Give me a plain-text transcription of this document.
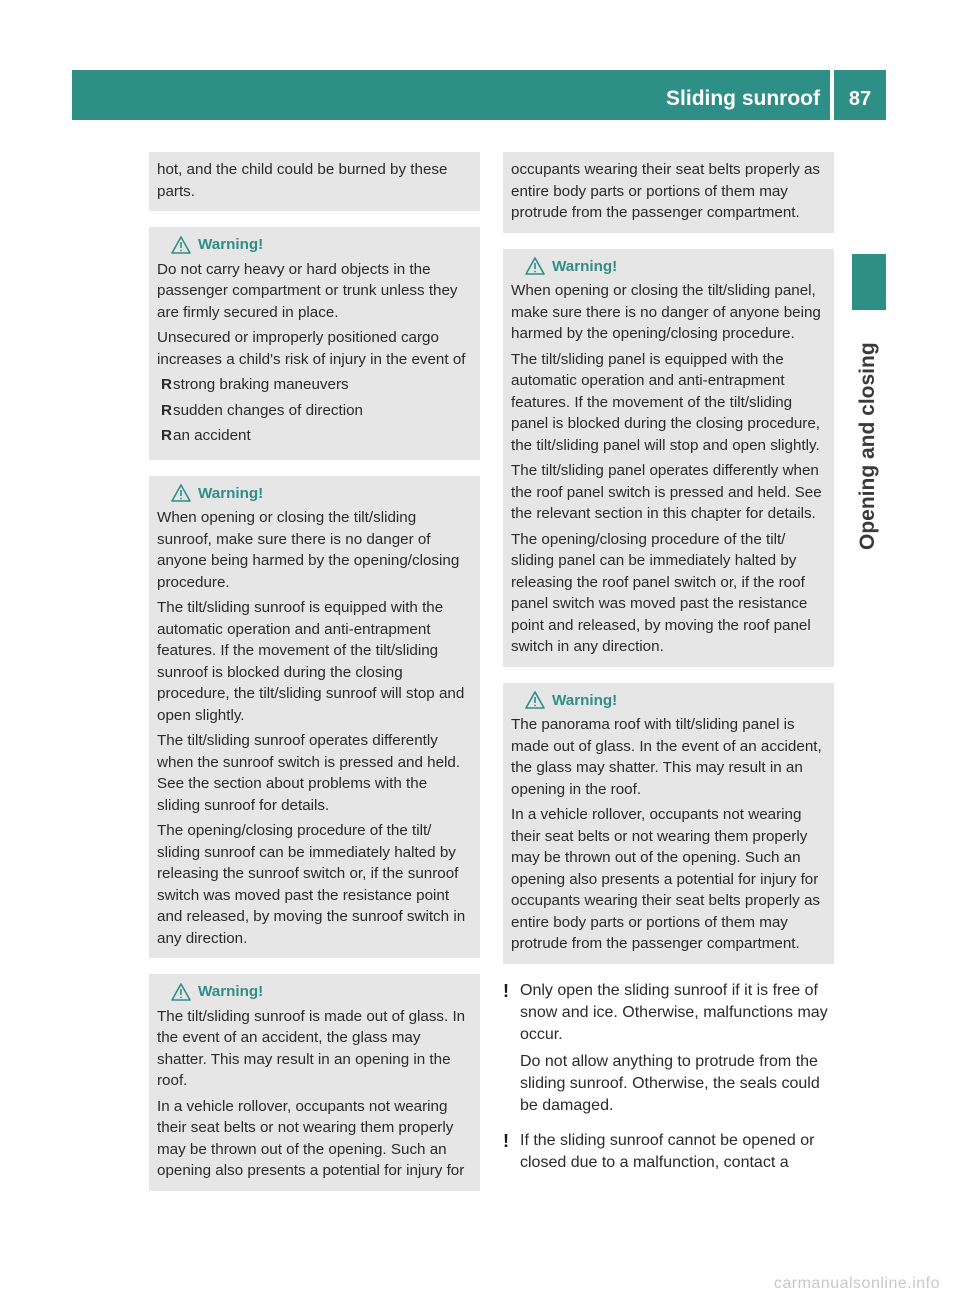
Sliding sunroof	87
Opening and closing

hot, and the child could be burned by these parts.

Warning!

Do not carry heavy or hard objects in the passenger compartment or trunk unless they are firmly secured in place.

Unsecured or improperly positioned cargo increases a child's risk of injury in the event of

R strong braking maneuvers
R sudden changes of direction
R an accident
Warning!

When opening or closing the tilt/sliding sunroof, make sure there is no danger of anyone being harmed by the opening/closing procedure.

The tilt/sliding sunroof is equipped with the automatic operation and anti-entrapment features. If the movement of the tilt/sliding sunroof is blocked during the closing procedure, the tilt/sliding sunroof will stop and open slightly.

The tilt/sliding sunroof operates differently when the sunroof switch is pressed and held. See the section about problems with the sliding sunroof for details.

The opening/closing procedure of the tilt/ sliding sunroof can be immediately halted by releasing the sunroof switch or, if the sunroof switch was moved past the resistance point and released, by moving the sunroof switch in any direction.

Warning!

The tilt/sliding sunroof is made out of glass. In the event of an accident, the glass may shatter. This may result in an opening in the roof.

In a vehicle rollover, occupants not wearing their seat belts or not wearing them properly may be thrown out of the opening. Such an opening also presents a potential for injury for

occupants wearing their seat belts properly as entire body parts or portions of them may protrude from the passenger compartment.

Warning!

When opening or closing the tilt/sliding panel, make sure there is no danger of anyone being harmed by the opening/closing procedure.

The tilt/sliding panel is equipped with the automatic operation and anti-entrapment features. If the movement of the tilt/sliding panel is blocked during the closing procedure, the tilt/sliding panel will stop and open slightly.

The tilt/sliding panel operates differently when the roof panel switch is pressed and held. See the relevant section in this chapter for details.

The opening/closing procedure of the tilt/ sliding panel can be immediately halted by releasing the roof panel switch or, if the roof panel switch was moved past the resistance point and released, by moving the roof panel switch in any direction.

Warning!

The panorama roof with tilt/sliding panel is made out of glass. In the event of an accident, the glass may shatter. This may result in an opening in the roof.

In a vehicle rollover, occupants not wearing their seat belts or not wearing them properly may be thrown out of the opening. Such an opening also presents a potential for injury for occupants wearing their seat belts properly as entire body parts or portions of them may protrude from the passenger compartment.

! Only open the sliding sunroof if it is free of snow and ice. Otherwise, malfunctions may occur.

Do not allow anything to protrude from the sliding sunroof. Otherwise, the seals could be damaged.

! If the sliding sunroof cannot be opened or closed due to a malfunction, contact a

carmanualsonline.info
